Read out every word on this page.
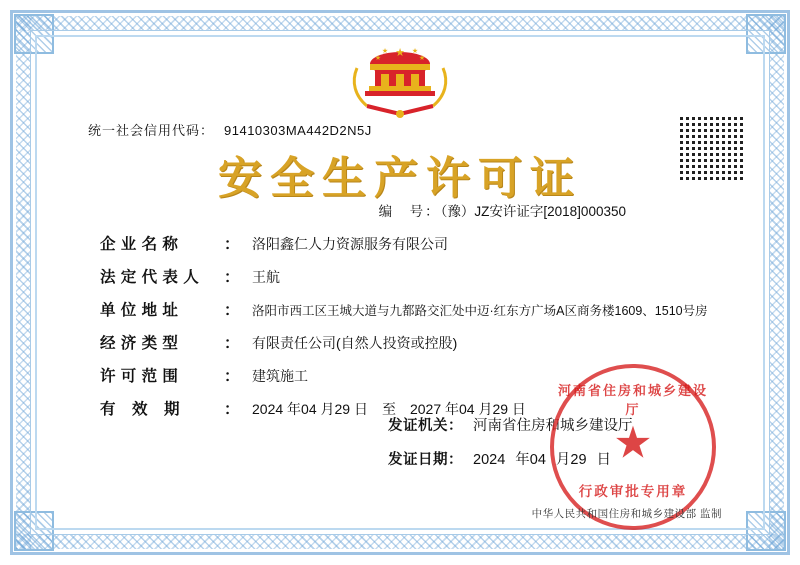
★
★	★
★	★
统一社会信用代码： 91410303MA442D2N5J
安全生产许可证
编　号：（豫）JZ安许证字[2018]000350
企 业 名 称	： 洛阳鑫仁人力资源服务有限公司
法 定 代 表 人 ： 王航
单 位 地 址	： 洛阳市西工区王城大道与九都路交汇处中迈·红东方广场A区商务楼1609、1510号房
经 济 类 型	： 有限责任公司(自然人投资或控股)
许 可 范 围	： 建筑施工
有　效　期	： 2024 年04 月29 日 至 2027 年04 月29 日
发证机关： 河南省住房和城乡建设厅
发证日期： 2024 年04 月29 日
河南省住房和城乡建设厅
★
行政审批专用章
中华人民共和国住房和城乡建设部 监制
